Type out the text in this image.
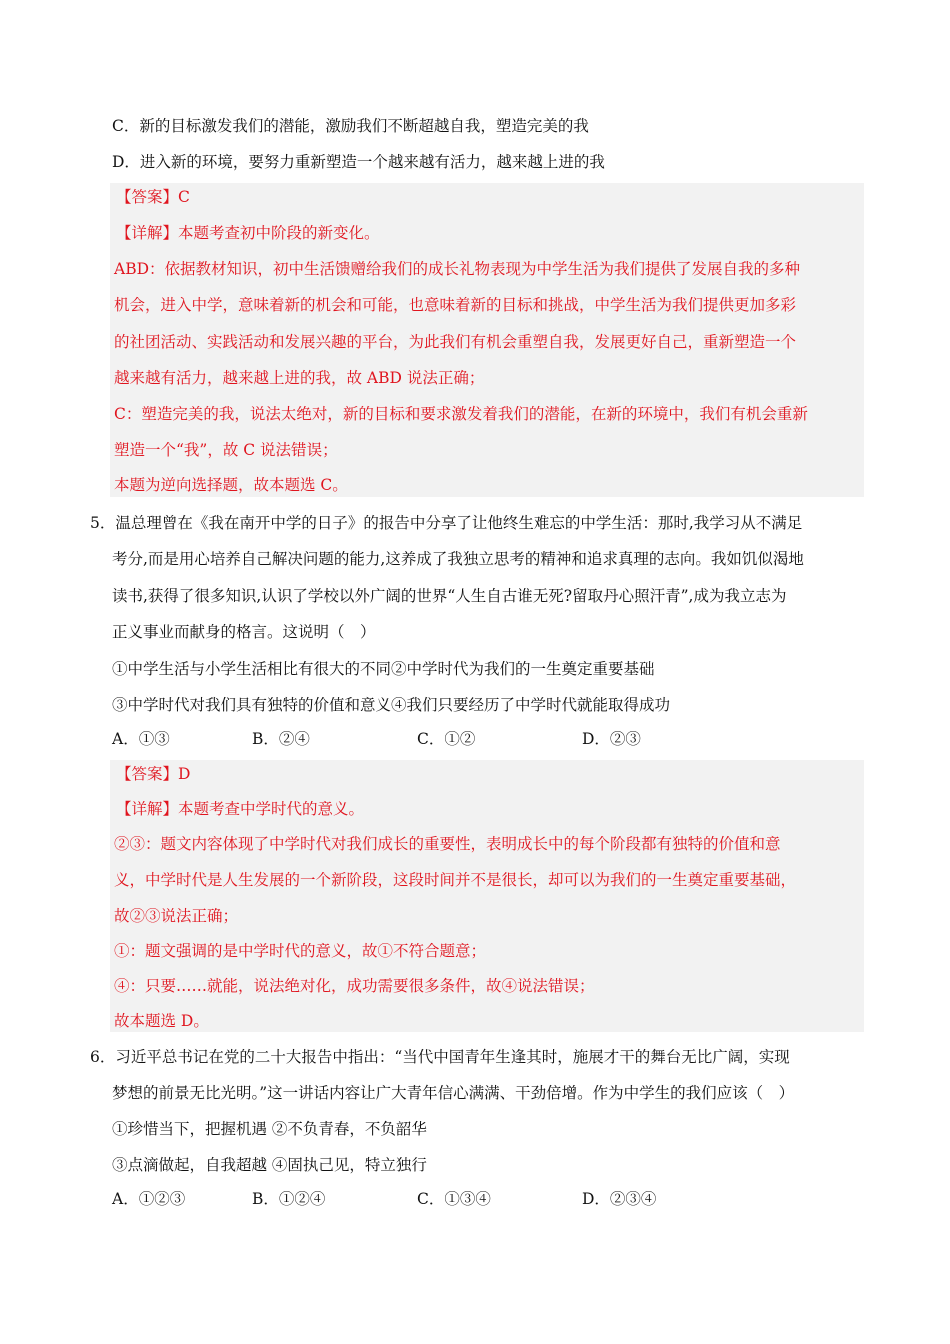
C．新的目标激发我们的潜能，激励我们不断超越自我，塑造完美的我
D．进入新的环境，要努力重新塑造一个越来越有活力，越来越上进的我
【答案】C
【详解】本题考查初中阶段的新变化。
ABD：依据教材知识，初中生活馈赠给我们的成长礼物表现为中学生活为我们提供了发展自我的多种
机会，进入中学，意味着新的机会和可能，也意味着新的目标和挑战，中学生活为我们提供更加多彩
的社团活动、实践活动和发展兴趣的平台，为此我们有机会重塑自我，发展更好自己，重新塑造一个
越来越有活力，越来越上进的我，故 ABD 说法正确；
C：塑造完美的我，说法太绝对，新的目标和要求激发着我们的潜能，在新的环境中，我们有机会重新
塑造一个“我”，故 C 说法错误；
本题为逆向选择题，故本题选 C。
5．温总理曾在《我在南开中学的日子》的报告中分享了让他终生难忘的中学生活：那时,我学习从不满足
考分,而是用心培养自己解决问题的能力,这养成了我独立思考的精神和追求真理的志向。我如饥似渴地
读书,获得了很多知识,认识了学校以外广阔的世界“人生自古谁无死?留取丹心照汗青”,成为我立志为
正义事业而献身的格言。这说明（　）
①中学生活与小学生活相比有很大的不同②中学时代为我们的一生奠定重要基础
③中学时代对我们具有独特的价值和意义④我们只要经历了中学时代就能取得成功
A．①③	B．②④	C．①②	D．②③
【答案】D
【详解】本题考查中学时代的意义。
②③：题文内容体现了中学时代对我们成长的重要性，表明成长中的每个阶段都有独特的价值和意
义，中学时代是人生发展的一个新阶段，这段时间并不是很长，却可以为我们的一生奠定重要基础，
故②③说法正确；
①：题文强调的是中学时代的意义，故①不符合题意；
④：只要……就能，说法绝对化，成功需要很多条件，故④说法错误；
故本题选 D。
6．习近平总书记在党的二十大报告中指出：“当代中国青年生逢其时，施展才干的舞台无比广阔，实现
梦想的前景无比光明。”这一讲话内容让广大青年信心满满、干劲倍增。作为中学生的我们应该（　）
①珍惜当下，把握机遇 ②不负青春，不负韶华
③点滴做起，自我超越 ④固执己见，特立独行
A．①②③	B．①②④	C．①③④	D．②③④
